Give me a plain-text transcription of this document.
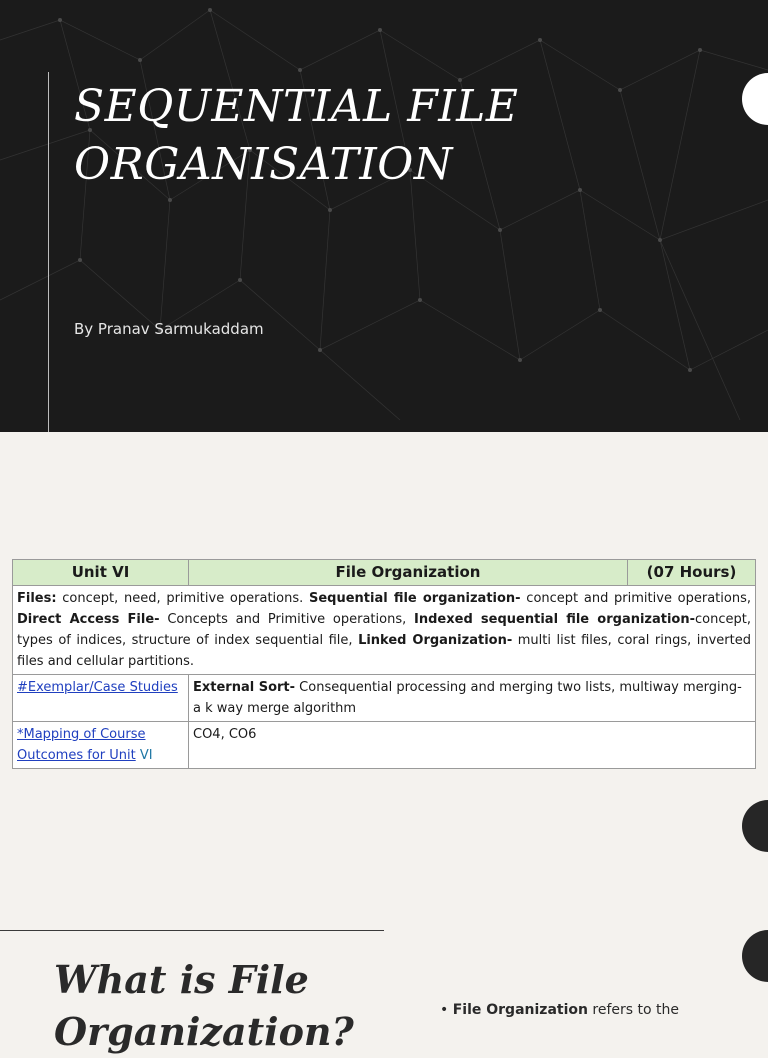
SEQUENTIAL FILE
ORGANISATION
By Pranav Sarmukaddam
Unit VI	File Organization	(07 Hours)
Files: concept, need, primitive operations. Sequential file organization- concept and primitive operations, Direct Access File- Concepts and Primitive operations, Indexed sequential file organization-concept, types of indices, structure of index sequential file, Linked Organization- multi list files, coral rings, inverted files and cellular partitions.		
#Exemplar/Case Studies	External Sort- Consequential processing and merging two lists, multiway merging- a k way merge algorithm	
*Mapping of Course Outcomes for Unit VI	CO4, CO6	
What is File Organization?	• File Organization refers to the
